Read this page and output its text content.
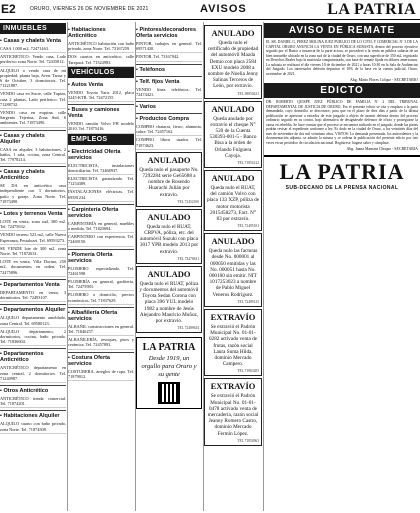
E2	ORURO, VIERNES 26 DE NOVIEMBRE DE 2021	AVISOS	LA PATRIA
INMUEBLES
▪ Casas y chalets Venta
CASA 1.000 m2, 72471463.
ANTICRETICO: Vendo casa, Lado periferico zona Norte. Tel. 72435812.
ALQUILO o vendo casa de mi propiedad, planta baja, Aven. Tacna y 6 de Octubre, 3 dormitorios. Tel. 71221887.
VENDO casa en Sucre, calle Tupiza, casa 2 plantas, Lado periferico. Tel. 71288732.
VENDO casa en esquina, calle Sargento Tejerina, Zona Sud, 6 ambientes. Tel. 71873490.
▪ Casas y chalets Alquiler
CASA en alquiler, 3 habitaciones, 2 baños, 1 sala, cocina, zona Central. Tel. 77978214.
▪ Casas y chalets Anticrético
SE DA en anticrético casa independiente con 3 dormitorios, patio y garaje. Zona Norte. Tel. 71873490.
▪ Lotes y terrenos Venta
LOTE en venta, zona sud, 300 m2. Tel. 72475632.
VENDO terreno 523 m2, calle Nueva Esperanza, Pestalozzi. Tel. 69593273.
SE VENDE lote de 300 m2, zona Norte. Tel. 71872631.
LOTE en venta, Villa Dorina, 250 m2, documentos en orden. Tel. 72475896.
▪ Departamentos Venta
DEPARTAMENTO en venta, 3 dormitorios. Tel. 72493107.
▪ Departamentos Alquiler
ALQUILO departamento amoblado, zona Central. Tel. 69580123.
ALQUILO departamento, 2 dormitorios, cocina, baño privado. Tel. 71836604.
▪ Departamentos Anticrético
ANTICRÉTICO departamento en zona central, 2 dormitorios. Tel. 71240987.
▪ Otros Anticrético
ANTICRÉTICO tienda comercial. Tel. 71874201.
▪ Habitaciones Alquiler
ALQUILO cuarto con baño privado, zona Norte. Tel. 71874508.
▪ Habitaciones Anticrético
ANTICRÉTICO habitación con baño privado, zona Norte. Tel. 73167259.
DOS cuartos en anticrético, calle Tarapacá. Tel. 71524983.
VEHÍCULOS
▪ Autos Venta
VENDO Toyota Yaris 2012, placa 3245-KTR. Tel. 72472155.
▪ Buses y camiones Venta
VENDO camión Volvo FH modelo 2010. Tel. 71875416.
EMPLEOS
▪ Electricidad Oferta servicios
ELECTRICISTA, instalaciones domiciliarias. Tel. 72468937.
ELECTRICISTA garantizado. Tel. 71254389.
INSTALACIONES eléctricas. Tel. 69581234.
▪ Carpintería Oferta servicios
CARPINTERÍA en general, muebles a medida. Tel. 71823694.
CARPINTERO con experiencia. Tel. 72469150.
▪ Plomería Oferta servicios
PLOMERO especializado. Tel. 72461598.
PLOMERÍA en general, gasfitería. Tel. 72475983.
PLOMERO a domicilio, precios económicos. Tel. 71837629.
▪ Albañilería Oferta servicios
ALBAÑIL construcciones en general. Tel. 71846257.
ALBAÑILERÍA, revoques, pisos y cerámica. Tel. 72457893.
▪ Costura Oferta servicios
COSTURERA, arreglos de ropa. Tel. 71879012.
▪ Pintores/decoradores Oferta servicios
PINTOR, trabajos en general. Tel. 69571430.
PINTOR. Tel. 73167942.
▪ Teléfonos
▪ Telf. fijos Venta
VENDO línea telefónica. Tel. 72474421.
▪ Varios
▪ Productos Compra
COMPRO chatarra, fierro, aluminio, cobre. Tel. 72457162.
COMPRO libros usados. Tel. 71874623.
ANULADO
Queda nulo el pasaporte No. 7292284 serie Ge65688 a nombre de Rosendo Huarachi Julián por extravío.
TEL 72452100
ANULADO
Queda nulo el RUAT, CRPVA, póliza, etc. del automóvil Suzuki con placa 3017 YPB modelo 2013 por extravío.
TEL 72478611
ANULADO
Queda nulo el RUAT, póliza y documentos del automóvil Toyota Sedan Corona con placa 396 YUL modelo 1982 a nombre de Jesús Alejandro Mauricio Muñoz, por extravío.
TEL 72489634
LA PATRIA
Desde 1919, un orgullo para Oruro y su gente
ANULADO
Queda nulo el certificado de propiedad del automóvil Mazda Demio con placa 2584 EXU modelo 2008 a nombre de Noelia Jenny Salinas Terceros de León, por extravío.
TEL 69850421
ANULADO
Queda anulado por extravío el cheque N° 520 de la Cuenta 530393-001-5 - Banco Bisa a la orden de Orlando Fulguera Cayoja.
TEL 71854122
ANULADO
Queda nulo el RUAT, del camión Volvo con placa 133 XZP, póliza de motor motorista 2015458273, Fact. N° 83 por extravío.
TEL 72485101
ANULADO
Queda nulo las facturas desde No. 000001 al 000050 emitidas y las No. 000051 hasta No. 000100 sin emitir. NIT 1017253023 a nombre de Pablo Miguel Veneros Rodríguez.
TEL 72489125
EXTRAVÍO
Se extravió el Padrón Municipal No. 01-01-0282 activado venta de frutas, razón social Laura Suma Hilda, dominio Mercado Campero.
TEL 71863205
EXTRAVÍO
Se extravió el Padrón Municipal No. 01-01-0478 activado venta de mercadería, razón social Jeanny Romero Castro, dominio Mercado Fermín López.
TEL 71854963
AVISO DE REMATE
EL SR. DANIEL G. PEREZ MOLINA JUEZ PUBLICO DE LO CIVIL Y COMERCIAL Nº 3 DE LA CAPITAL ORURO ANUNCIA LA VENTA EN PÚBLICA SUBASTA, dentro del proceso ejecutivo seguido por el Banco a instancia de la parte actora, se procederá a la venta en pública subasta de un bien inmueble ubicado en la zona sud de la ciudad de Oruro, con una superficie de 350 m2, registrado en Derechos Reales bajo la matrícula computarizada, con base de remate fijada en dólares americanos. La subasta se realizará el día viernes 10 de diciembre de 2021 a horas 10:30 en la Sala de Audiencias del Juzgado. Los interesados deberán depositar el 10% de la base en la cuenta judicial. Oruro, noviembre de 2021.
Abg. Mario Flores Colque - SECRETARIO
EDICTO
DR. ROBERTO QUISPE JUEZ PÚBLICO DE FAMILIA Nº 2 DEL TRIBUNAL DEPARTAMENTAL DE JUSTICIA DE ORURO. Por el presente edicto se cita y emplaza a la parte demandada, cuyo domicilio se desconoce, para que en el plazo de diez días a partir de la última publicación se apersone a estrados de este juzgado a objeto de asumir defensa dentro del proceso ordinario seguido en su contra, bajo alternativa de designársele defensor de oficio y proseguirse la causa en rebeldía. Se hace constar que el proceso se encuentra radicado en el juzgado, donde las partes podrán revisar el expediente conforme a ley. Es dado en la ciudad de Oruro, a los veintitrés días del mes de noviembre de dos mil veintiuno años. VISTOS: La demanda presentada, los antecedentes y la documentación adjunta, se admite la misma y se ordena la publicación del presente edicto por tres veces en un periódico de circulación nacional. Regístrese, hágase saber y cúmplase.
Abg. Juana Mamani Choque - SECRETARIA
LA PATRIA
SUB-DECANO DE LA PRENSA NACIONAL
